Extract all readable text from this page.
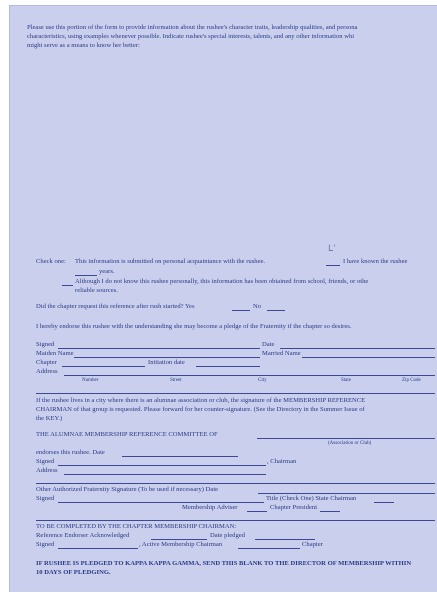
Please use this portion of the form to provide information about the rushee's character traits, leadership qualities, and persona
characteristics, using examples whenever possible. Indicate rushee's special interests, talents, and any other information whi
might serve as a means to know her better:
ᒪ’
Check one: This information is submitted on personal acquaintance with the rushee.	I have known the rushee
years.
Although I do not know this rushee personally, this information has been obtained from school, friends, or othe
reliable sources.
Did the chapter request this reference after rush started? Yes	No
I hereby endorse this rushee with the understanding she may become a pledge of the Fraternity if the chapter so desires.
Signed	Date
Maiden Name	Married Name
Chapter	Initiation date
Address
Number	Street	City	State	Zip Code
If the rushee lives in a city where there is an alumnae association or club, the signature of the MEMBERSHIP REFERENCE
CHAIRMAN of that group is requested. Please forward for her counter-signature. (See the Directory in the Summer Issue of
the KEY.)
THE ALUMNAE MEMBERSHIP REFERENCE COMMITTEE OF
(Association or Club)
endorses this rushee. Date
Signed	, Chairman
Address
Other Authorized Fraternity Signature (To be used if necessary) Date
Signed	Title (Check One) State Chairman
Membership Adviser	Chapter President
TO BE COMPLETED BY THE CHAPTER MEMBERSHIP CHAIRMAN:
Reference Endorser Acknowledged	Date pledged
Signed	, Active Membership Chairman	Chapter
IF RUSHEE IS PLEDGED TO KAPPA KAPPA GAMMA, SEND THIS BLANK TO THE DIRECTOR OF MEMBERSHIP WITHIN
10 DAYS OF PLEDGING.
